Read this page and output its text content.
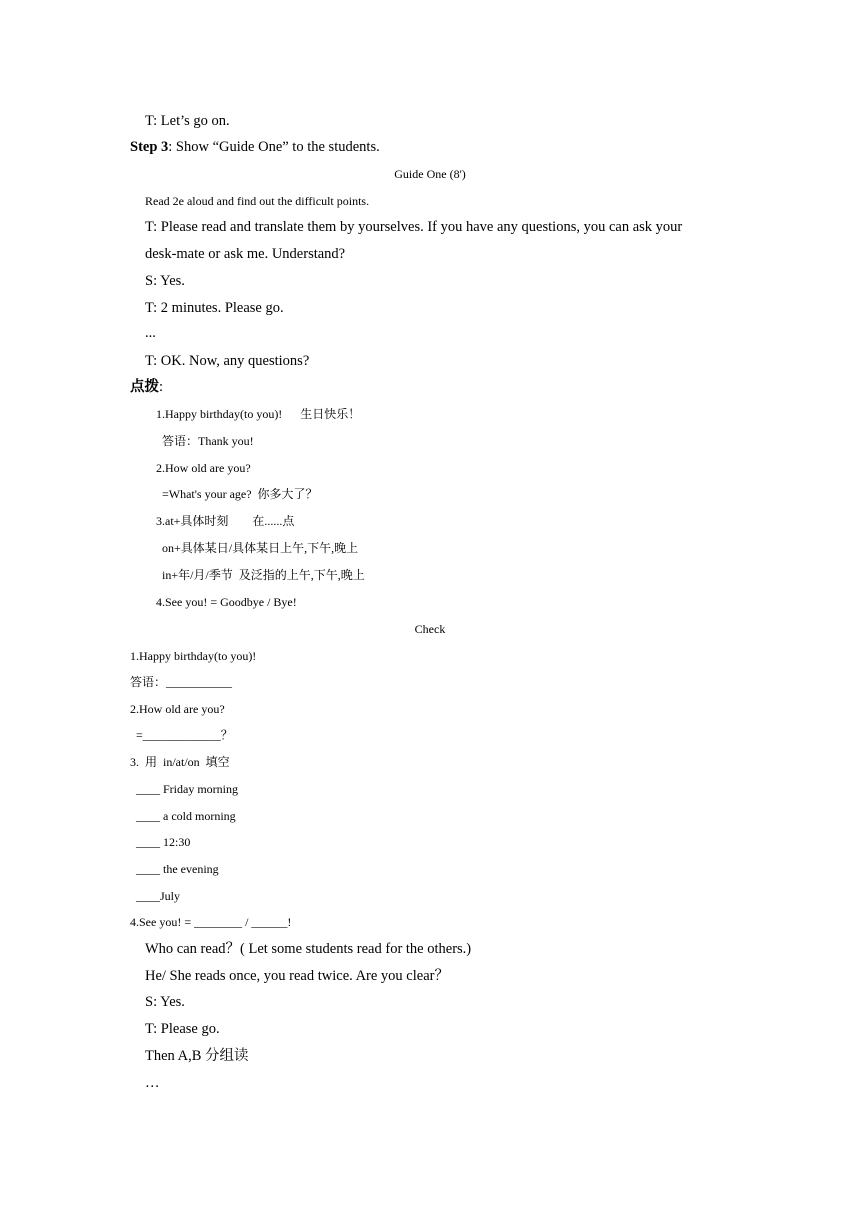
T: Let’s go on.
Step 3: Show “Guide One” to the students.
Guide One (8')
Read 2e aloud and find out the difficult points.
T: Please read and translate them by yourselves. If you have any questions, you can ask your
desk-mate or ask me. Understand?
S: Yes.
T: 2 minutes. Please go.
...
T: OK. Now, any questions?
点拨:
1.Happy birthday(to you)!      生日快乐！
答语：Thank you!
2.How old are you?
=What's your age?  你多大了？
3.at+具体时刻        在......点
on+具体某日/具体某日上午,下午,晚上
in+年/月/季节  及泛指的上午,下午,晚上
4.See you! = Goodbye / Bye!
Check
1.Happy birthday(to you)!
答语：___________
2.How old are you?
=_____________？
3.  用  in/at/on  填空
____ Friday morning
____ a cold morning
____ 12:30
____ the evening
____July
4.See you! = ________ / ______!
Who can read？( Let some students read for the others.)
He/ She reads once, you read twice. Are you clear？
S: Yes.
T: Please go.
Then A,B 分组读
…
